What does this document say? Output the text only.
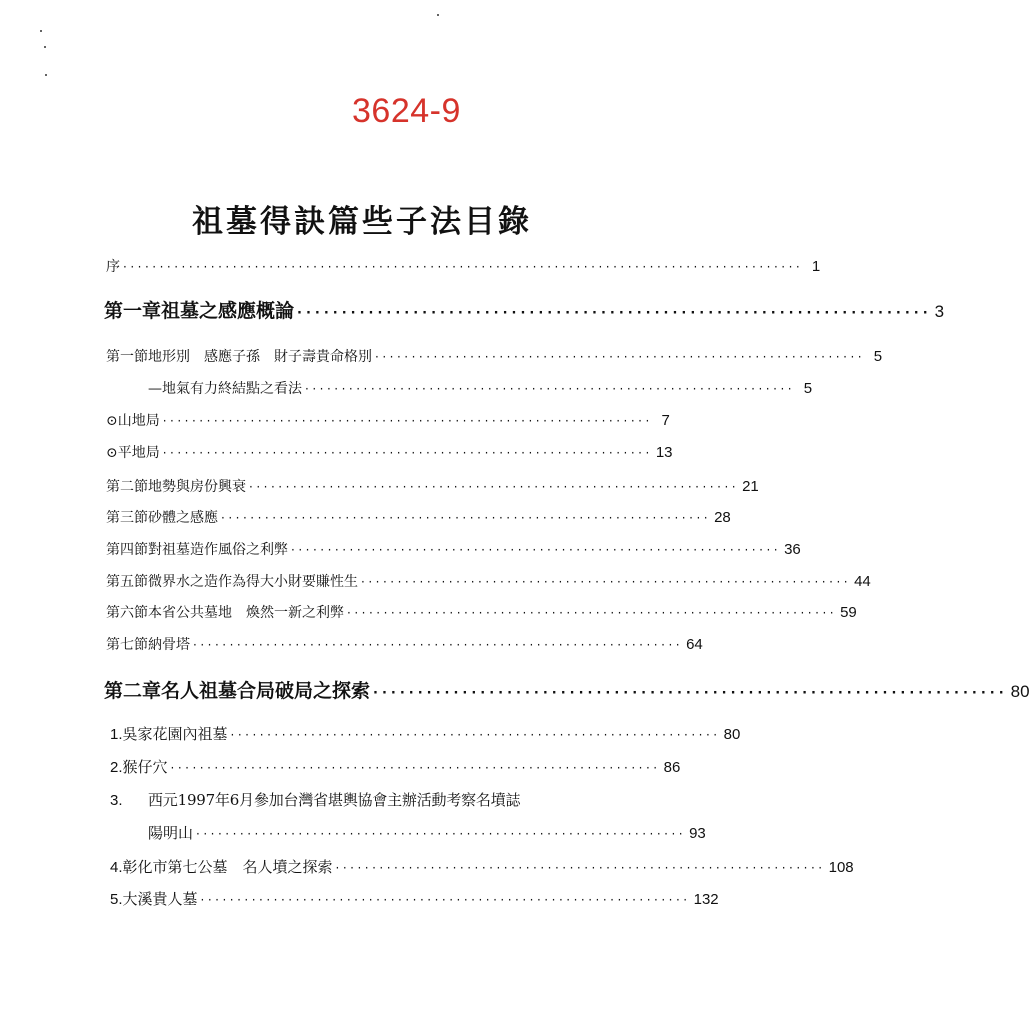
3624-9
祖墓得訣篇些子法目錄
序 ····························································································· 1
第一章 祖墓之感應概論 ······································································· 3
第一節 地形別　感應子孫　財子壽貴命格別 ··································································· 5
— 地氣有力終結點之看法 ··································································· 5
⊙ 山地局 ··································································· 7
⊙ 平地局 ··································································· 13
第二節 地勢與房份興衰 ··································································· 21
第三節 砂體之感應 ··································································· 28
第四節 對祖墓造作風俗之利弊 ··································································· 36
第五節 微界水之造作為得大小財要賺性生 ··································································· 44
第六節 本省公共墓地　煥然一新之利弊 ··································································· 59
第七節 納骨塔 ··································································· 64
第二章 名人祖墓合局破局之探索 ······································································· 80
1. 吳家花園內祖墓 ··································································· 80
2. 猴仔穴 ··································································· 86
3.	西元1997年6月參加台灣省堪輿協會主辦活動考察名墳誌
陽明山 ··································································· 93
4. 彰化市第七公墓　名人墳之探索 ··································································· 108
5. 大溪貴人墓 ··································································· 132
